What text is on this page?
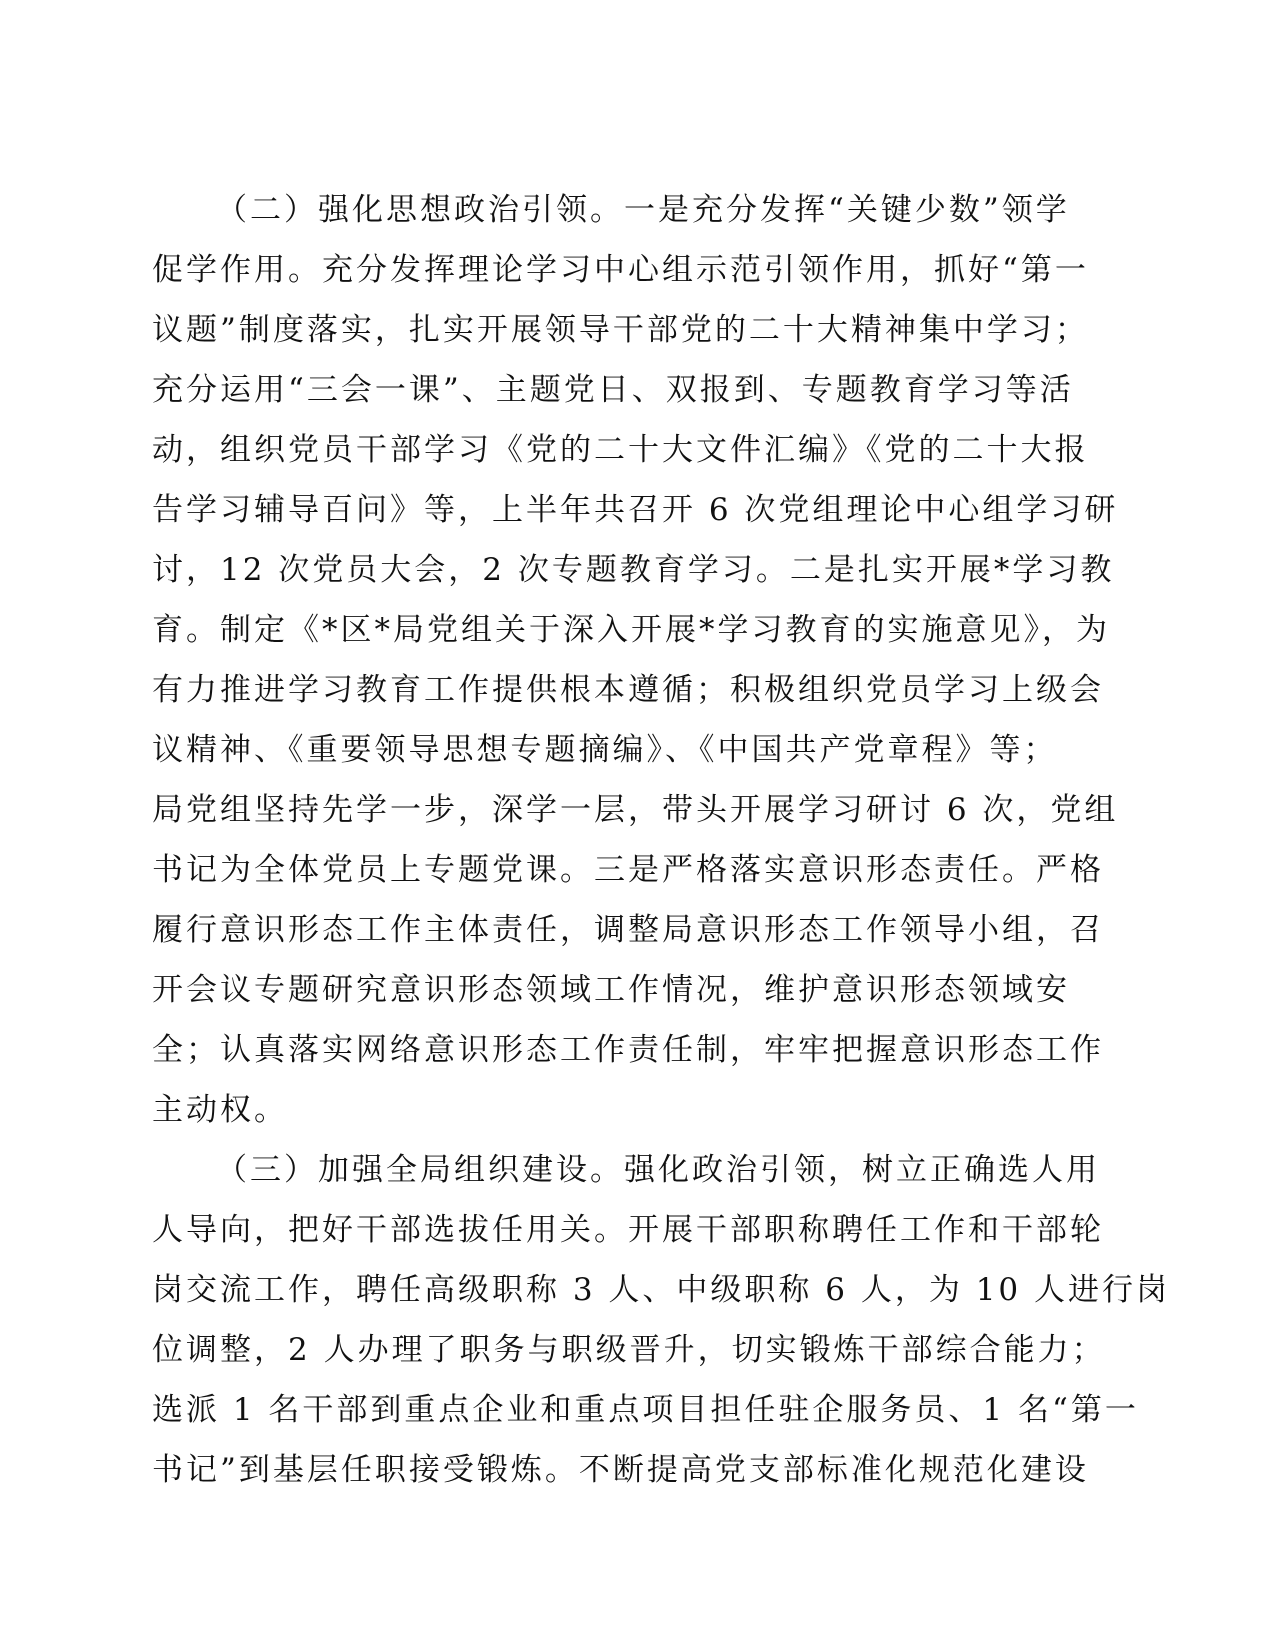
（二）强化思想政治引领。一是充分发挥“关键少数”领学
促学作用。充分发挥理论学习中心组示范引领作用，抓好“第一
议题”制度落实，扎实开展领导干部党的二十大精神集中学习；
充分运用“三会一课”、主题党日、双报到、专题教育学习等活
动，组织党员干部学习《党的二十大文件汇编》《党的二十大报
告学习辅导百问》等，上半年共召开 6 次党组理论中心组学习研
讨，12 次党员大会，2 次专题教育学习。二是扎实开展*学习教
育。制定《*区*局党组关于深入开展*学习教育的实施意见》，为
有力推进学习教育工作提供根本遵循；积极组织党员学习上级会
议精神、《重要领导思想专题摘编》、《中国共产党章程》等；
局党组坚持先学一步，深学一层，带头开展学习研讨 6 次，党组
书记为全体党员上专题党课。三是严格落实意识形态责任。严格
履行意识形态工作主体责任，调整局意识形态工作领导小组，召
开会议专题研究意识形态领域工作情况，维护意识形态领域安
全；认真落实网络意识形态工作责任制，牢牢把握意识形态工作
主动权。
（三）加强全局组织建设。强化政治引领，树立正确选人用
人导向，把好干部选拔任用关。开展干部职称聘任工作和干部轮
岗交流工作，聘任高级职称 3 人、中级职称 6 人，为 10 人进行岗
位调整，2 人办理了职务与职级晋升，切实锻炼干部综合能力；
选派 1 名干部到重点企业和重点项目担任驻企服务员、1 名“第一
书记”到基层任职接受锻炼。不断提高党支部标准化规范化建设
